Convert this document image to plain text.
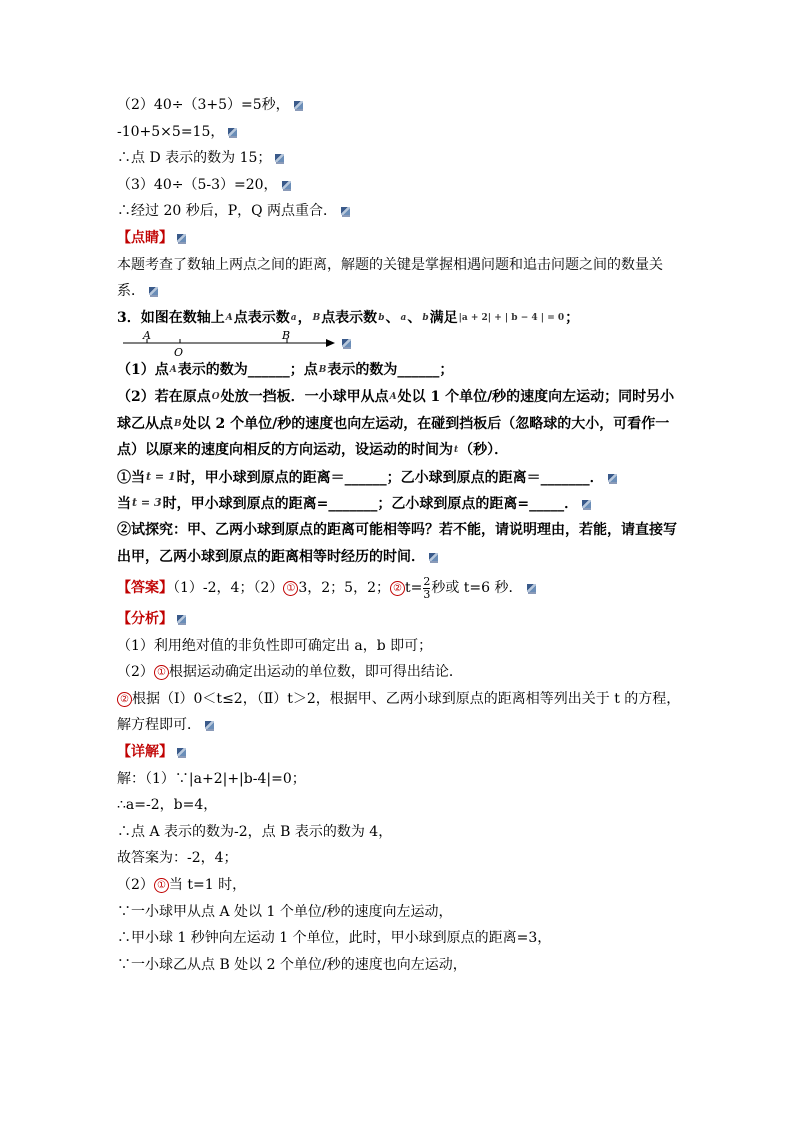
（2）40÷（3+5）=5秒，
-10+5×5=15，
∴点 D 表示的数为 15；
（3）40÷（5-3）=20，
∴经过 20 秒后，P，Q 两点重合．
【点睛】
本题考查了数轴上两点之间的距离，解题的关键是掌握相遇问题和追击问题之间的数量关系．
3．如图在数轴上A点表示数a，B点表示数b、a、b满足|a + 2| + | b − 4 | = 0；
A
O
B
（1）点A表示的数为______；点B表示的数为______；
（2）若在原点O处放一挡板．一小球甲从点A处以 1 个单位/秒的速度向左运动；同时另小球乙从点B处以 2 个单位/秒的速度也向左运动，在碰到挡板后（忽略球的大小，可看作一点）以原来的速度向相反的方向运动，设运动的时间为t（秒）．
①当t = 1时，甲小球到原点的距离＝______；乙小球到原点的距离＝_______．
当t = 3时，甲小球到原点的距离=_______；乙小球到原点的距离=_____．
②试探究：甲、乙两小球到原点的距离可能相等吗？若不能，请说明理由，若能，请直接写出甲，乙两小球到原点的距离相等时经历的时间．
【答案】（1）-2，4；（2） ① 3，2；5，2； ② $t= \frac{2}{3}$ 秒或 t=6 秒．
【分析】
（1）利用绝对值的非负性即可确定出 a，b 即可；
（2） ① 根据运动确定出运动的单位数，即可得出结论．
② 根据（I）0＜t≤2，（Ⅱ）t＞2，根据甲、乙两小球到原点的距离相等列出关于 t 的方程，解方程即可．
【详解】
解：（1）∵|a+2|+|b-4|=0；
∴a=-2，b=4，
∴点 A 表示的数为-2，点 B 表示的数为 4，
故答案为：-2，4；
（2） ① 当 t=1 时，
∵一小球甲从点 A 处以 1 个单位/秒的速度向左运动，
∴甲小球 1 秒钟向左运动 1 个单位，此时，甲小球到原点的距离=3，
∵一小球乙从点 B 处以 2 个单位/秒的速度也向左运动，
